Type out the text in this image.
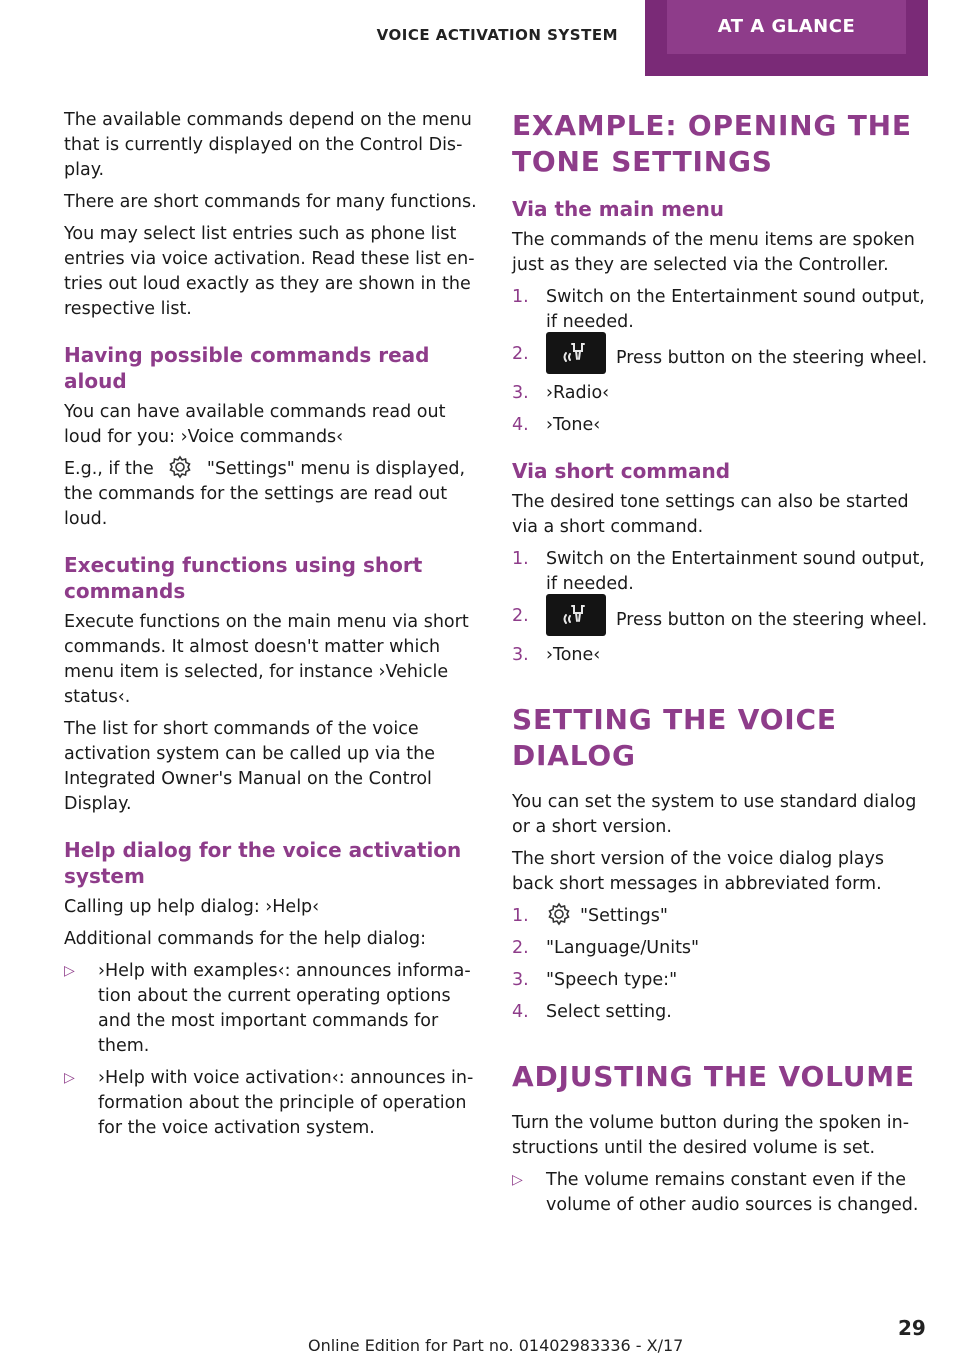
VOICE ACTIVATION SYSTEM	AT A GLANCE

The available commands depend on the menu that is currently displayed on the Control Display.

There are short commands for many functions.

You may select list entries such as phone list entries via voice activation. Read these list entries out loud exactly as they are shown in the respective list.

Having possible commands read aloud

You can have available commands read out loud for you: ›Voice commands‹

E.g., if the	"Settings" menu is displayed, the commands for the settings are read out loud.

Executing functions using short commands

Execute functions on the main menu via short commands. It almost doesn't matter which menu item is selected, for instance ›Vehicle status‹.

The list for short commands of the voice activation system can be called up via the Integrated Owner's Manual on the Control Display.

Help dialog for the voice activation system

Calling up help dialog: ›Help‹

Additional commands for the help dialog:

▷ ›Help with examples‹: announces information about the current operating options and the most important commands for them.
▷ ›Help with voice activation‹: announces information about the principle of operation for the voice activation system.
EXAMPLE: OPENING THE TONE SETTINGS
Via the main menu

The commands of the menu items are spoken just as they are selected via the Controller.

1. Switch on the Entertainment sound output, if needed.
2.	Press button on the steering wheel.
3. ›Radio‹
4. ›Tone‹
Via short command

The desired tone settings can also be started via a short command.

1. Switch on the Entertainment sound output, if needed.
2.	Press button on the steering wheel.
3. ›Tone‹
SETTING THE VOICE DIALOG

You can set the system to use standard dialog or a short version.

The short version of the voice dialog plays back short messages in abbreviated form.

1.	"Settings"
2. "Language/Units"
3. "Speech type:"
4. Select setting.
ADJUSTING THE VOLUME

Turn the volume button during the spoken instructions until the desired volume is set.

▷ The volume remains constant even if the volume of other audio sources is changed.
29
Online Edition for Part no. 01402983336 - X/17
